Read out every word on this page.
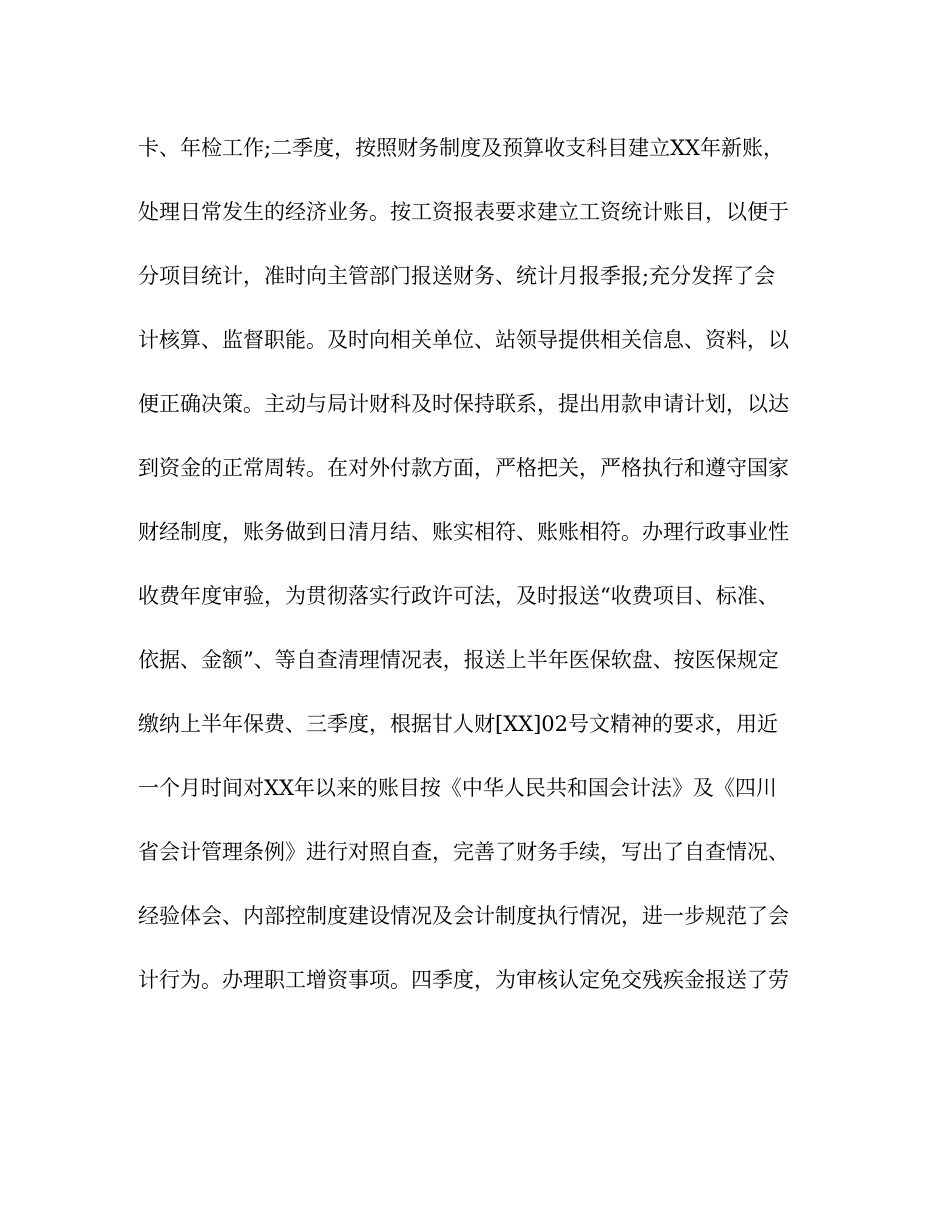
卡、年检工作;二季度，按照财务制度及预算收支科目建立XX年新账，
处理日常发生的经济业务。按工资报表要求建立工资统计账目，以便于
分项目统计，准时向主管部门报送财务、统计月报季报;充分发挥了会
计核算、监督职能。及时向相关单位、站领导提供相关信息、资料，以
便正确决策。主动与局计财科及时保持联系，提出用款申请计划，以达
到资金的正常周转。在对外付款方面，严格把关，严格执行和遵守国家
财经制度，账务做到日清月结、账实相符、账账相符。办理行政事业性
收费年度审验，为贯彻落实行政许可法，及时报送“收费项目、标准、
依据、金额”、等自查清理情况表，报送上半年医保软盘、按医保规定
缴纳上半年保费、三季度，根据甘人财[XX]02号文精神的要求，用近
一个月时间对XX年以来的账目按《中华人民共和国会计法》及《四川
省会计管理条例》进行对照自查，完善了财务手续，写出了自查情况、
经验体会、内部控制度建设情况及会计制度执行情况，进一步规范了会
计行为。办理职工增资事项。四季度，为审核认定免交残疾金报送了劳
